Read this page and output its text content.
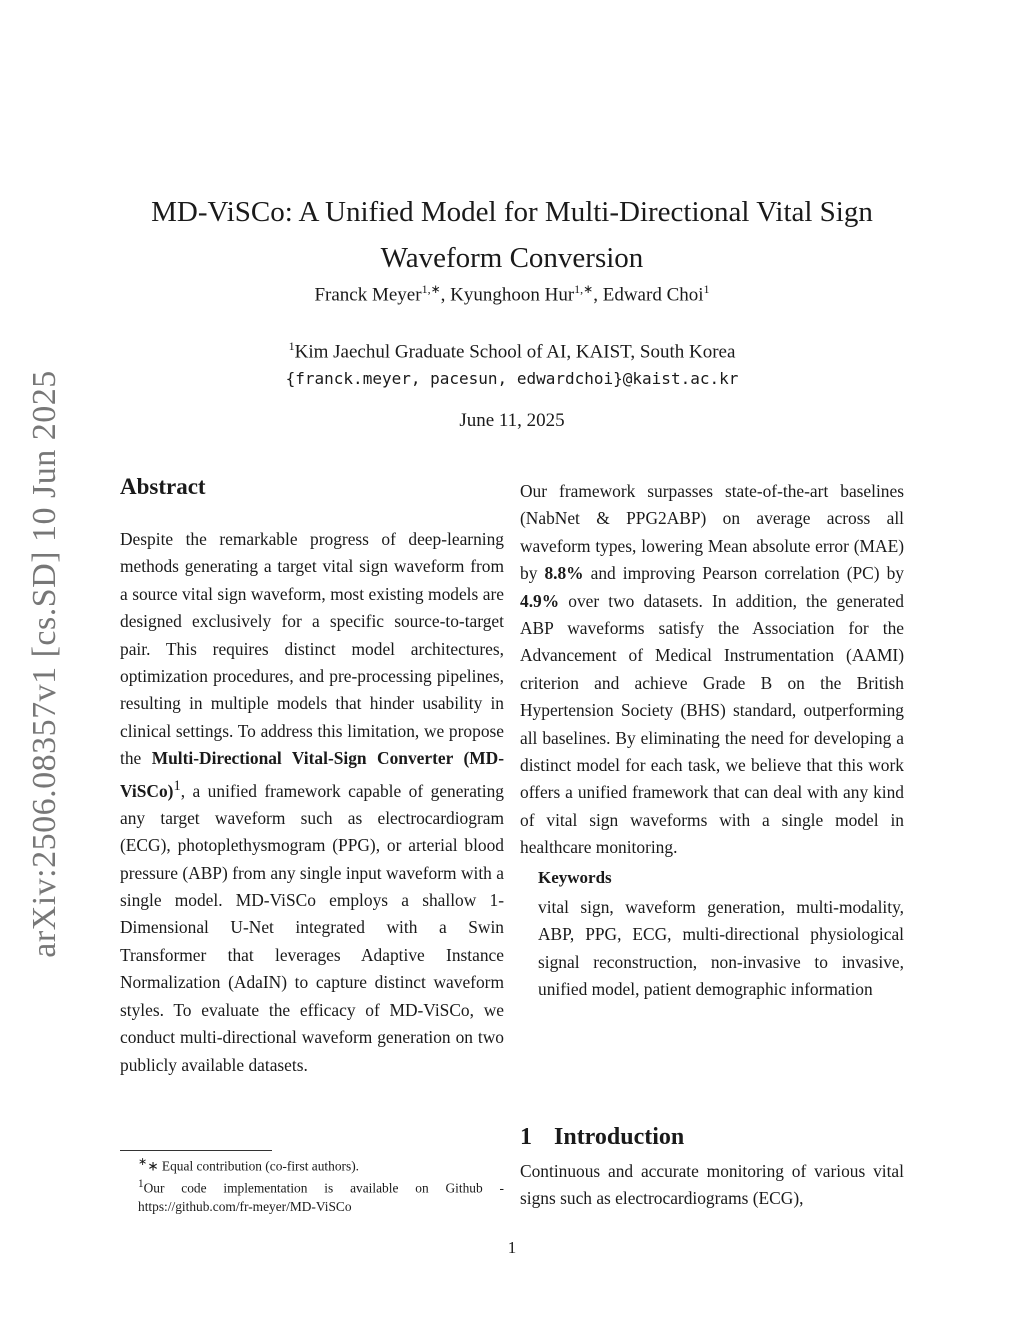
arXiv:2506.08357v1 [cs.SD] 10 Jun 2025
MD-ViSCo: A Unified Model for Multi-Directional Vital Sign
Waveform Conversion
Franck Meyer$^{1,∗}$, Kyunghoon Hur$^{1,∗}$, Edward Choi$^1$
$^1$Kim Jaechul Graduate School of AI, KAIST, South Korea
{franck.meyer, pacesun, edwardchoi}@kaist.ac.kr
June 11, 2025
Abstract

Despite the remarkable progress of deep-learning methods generating a target vital sign waveform from a source vital sign waveform, most existing models are designed exclusively for a specific source-to-target pair. This requires distinct model architectures, optimization procedures, and pre-processing pipelines, resulting in multiple models that hinder usability in clinical settings. To address this limitation, we propose the Multi-Directional Vital-Sign Converter (MD-ViSCo)$^1$, a unified framework capable of generating any target waveform such as electrocardiogram (ECG), photoplethysmogram (PPG), or arterial blood pressure (ABP) from any single input waveform with a single model. MD-ViSCo employs a shallow 1-Dimensional U-Net integrated with a Swin Transformer that leverages Adaptive Instance Normalization (AdaIN) to capture distinct waveform styles. To evaluate the efficacy of MD-ViSCo, we conduct multi-directional waveform generation on two publicly available datasets.

Our framework surpasses state-of-the-art baselines (NabNet & PPG2ABP) on average across all waveform types, lowering Mean absolute error (MAE) by 8.8% and improving Pearson correlation (PC) by 4.9% over two datasets. In addition, the generated ABP waveforms satisfy the Association for the Advancement of Medical Instrumentation (AAMI) criterion and achieve Grade B on the British Hypertension Society (BHS) standard, outperforming all baselines. By eliminating the need for developing a distinct model for each task, we believe that this work offers a unified framework that can deal with any kind of vital sign waveforms with a single model in healthcare monitoring.

Keywords

vital sign, waveform generation, multi-modality, ABP, PPG, ECG, multi-directional physiological signal reconstruction, non-invasive to invasive, unified model, patient demographic information

1 Introduction

Continuous and accurate monitoring of various vital signs such as electrocardiograms (ECG),

∗∗ Equal contribution (co-first authors).

$^1$Our code implementation is available on Github - https://github.com/fr-meyer/MD-ViSCo

1
